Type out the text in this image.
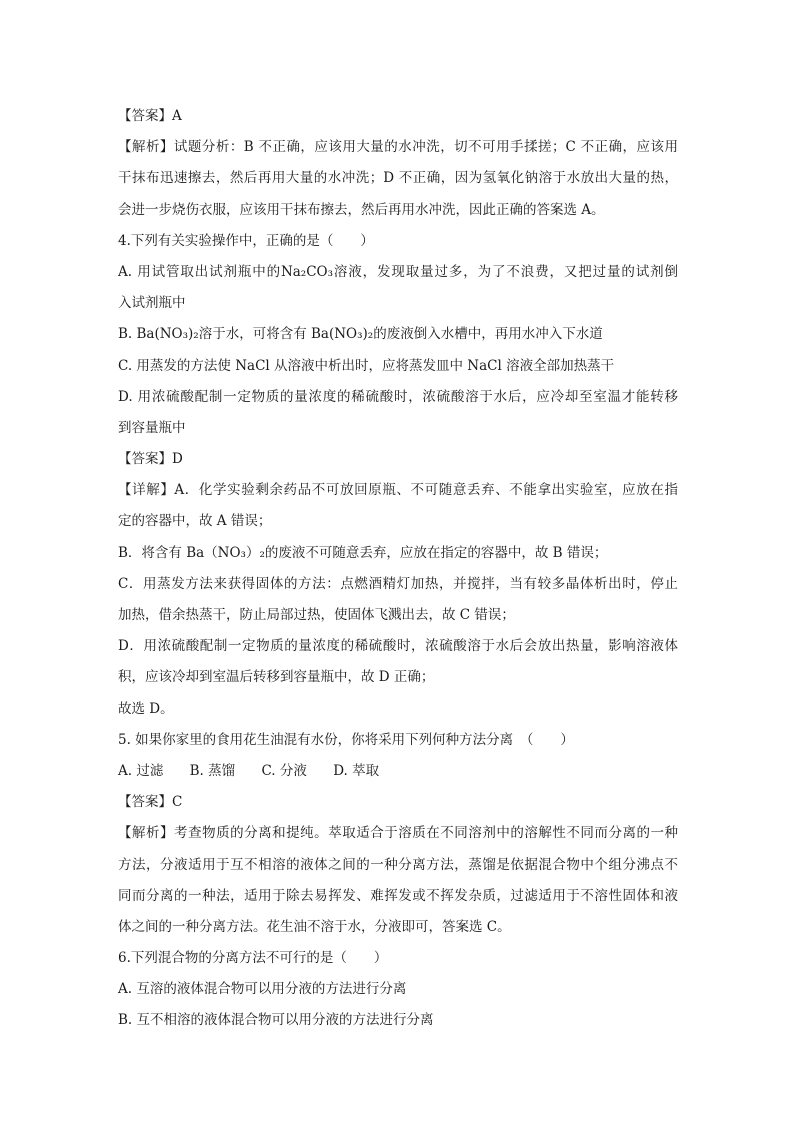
【答案】A
【解析】试题分析：B 不正确，应该用大量的水冲洗，切不可用手揉搓；C 不正确，应该用
干抹布迅速擦去，然后再用大量的水冲洗；D 不正确，因为氢氧化钠溶于水放出大量的热，
会进一步烧伤衣服，应该用干抹布擦去，然后再用水冲洗，因此正确的答案选 A。
4.下列有关实验操作中，正确的是（　　）
A. 用试管取出试剂瓶中的Na₂CO₃溶液，发现取量过多，为了不浪费，又把过量的试剂倒
入试剂瓶中
B. Ba(NO₃)₂溶于水，可将含有 Ba(NO₃)₂的废液倒入水槽中，再用水冲入下水道
C. 用蒸发的方法使 NaCl 从溶液中析出时，应将蒸发皿中 NaCl 溶液全部加热蒸干
D. 用浓硫酸配制一定物质的量浓度的稀硫酸时，浓硫酸溶于水后，应冷却至室温才能转移
到容量瓶中
【答案】D
【详解】A．化学实验剩余药品不可放回原瓶、不可随意丢弃、不能拿出实验室，应放在指
定的容器中，故 A 错误；
B．将含有 Ba（NO₃）₂的废液不可随意丢弃，应放在指定的容器中，故 B 错误；
C．用蒸发方法来获得固体的方法：点燃酒精灯加热，并搅拌，当有较多晶体析出时，停止
加热，借余热蒸干，防止局部过热，使固体飞溅出去，故 C 错误；
D．用浓硫酸配制一定物质的量浓度的稀硫酸时，浓硫酸溶于水后会放出热量，影响溶液体
积，应该冷却到室温后转移到容量瓶中，故 D 正确；
故选 D。
5. 如果你家里的食用花生油混有水份，你将采用下列何种方法分离　（　　）
A. 过滤 B. 蒸馏 C. 分液 D. 萃取
【答案】C
【解析】考查物质的分离和提纯。萃取适合于溶质在不同溶剂中的溶解性不同而分离的一种
方法，分液适用于互不相溶的液体之间的一种分离方法，蒸馏是依据混合物中个组分沸点不
同而分离的一种法，适用于除去易挥发、难挥发或不挥发杂质，过滤适用于不溶性固体和液
体之间的一种分离方法。花生油不溶于水，分液即可，答案选 C。
6.下列混合物的分离方法不可行的是（　　）
A. 互溶的液体混合物可以用分液的方法进行分离
B. 互不相溶的液体混合物可以用分液的方法进行分离
